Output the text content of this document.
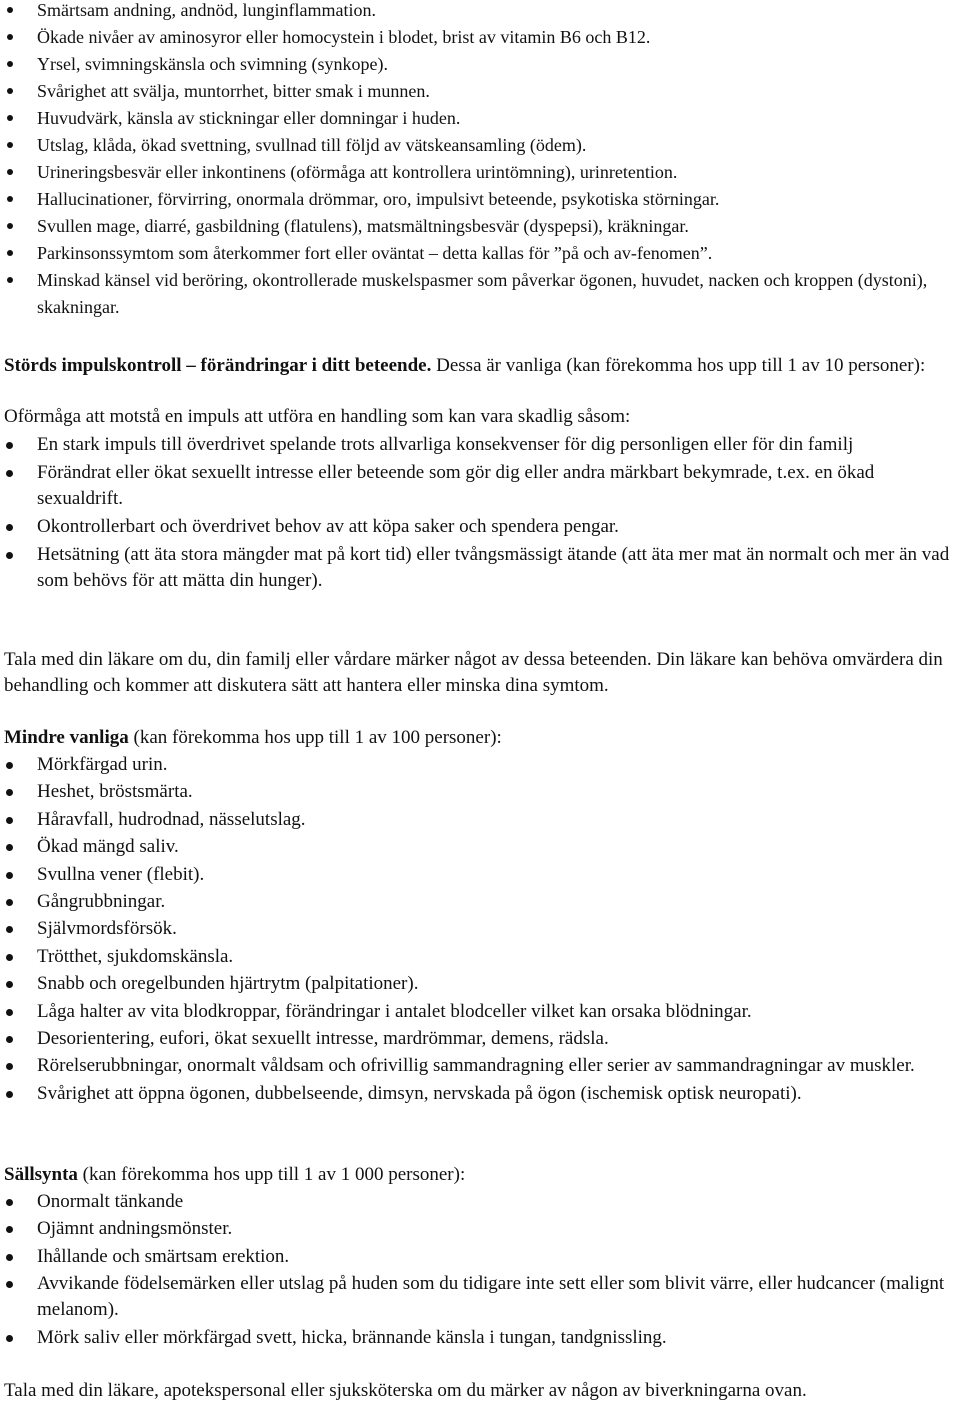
Smärtsam andning, andnöd, lunginflammation.
Ökade nivåer av aminosyror eller homocystein i blodet, brist av vitamin B6 och B12.
Yrsel, svimningskänsla och svimning (synkope).
Svårighet att svälja, muntorrhet, bitter smak i munnen.
Huvudvärk, känsla av stickningar eller domningar i huden.
Utslag, klåda, ökad svettning, svullnad till följd av vätskeansamling (ödem).
Urineringsbesvär eller inkontinens (oförmåga att kontrollera urintömning), urinretention.
Hallucinationer, förvirring, onormala drömmar, oro, impulsivt beteende, psykotiska störningar.
Svullen mage, diarré, gasbildning (flatulens), matsmältningsbesvär (dyspepsi), kräkningar.
Parkinsonssymtom som återkommer fort eller oväntat – detta kallas för ”på och av-fenomen”.
Minskad känsel vid beröring, okontrollerade muskelspasmer som påverkar ögonen, huvudet, nacken och kroppen (dystoni), skakningar.
Störds impulskontroll – förändringar i ditt beteende. Dessa är vanliga (kan förekomma hos upp till 1 av 10 personer):
Oförmåga att motstå en impuls att utföra en handling som kan vara skadlig såsom:
En stark impuls till överdrivet spelande trots allvarliga konsekvenser för dig personligen eller för din familj
Förändrat eller ökat sexuellt intresse eller beteende som gör dig eller andra märkbart bekymrade, t.ex. en ökad sexualdrift.
Okontrollerbart och överdrivet behov av att köpa saker och spendera pengar.
Hetsätning (att äta stora mängder mat på kort tid) eller tvångsmässigt ätande (att äta mer mat än normalt och mer än vad som behövs för att mätta din hunger).
Tala med din läkare om du, din familj eller vårdare märker något av dessa beteenden. Din läkare kan behöva omvärdera din behandling och kommer att diskutera sätt att hantera eller minska dina symtom.
Mindre vanliga (kan förekomma hos upp till 1 av 100 personer):
Mörkfärgad urin.
Heshet, bröstsmärta.
Håravfall, hudrodnad, nässelutslag.
Ökad mängd saliv.
Svullna vener (flebit).
Gångrubbningar.
Självmordsförsök.
Trötthet, sjukdomskänsla.
Snabb och oregelbunden hjärtrytm (palpitationer).
Låga halter av vita blodkroppar, förändringar i antalet blodceller vilket kan orsaka blödningar.
Desorientering, eufori, ökat sexuellt intresse, mardrömmar, demens, rädsla.
Rörelserubbningar, onormalt våldsam och ofrivillig sammandragning eller serier av sammandragningar av muskler.
Svårighet att öppna ögonen, dubbelseende, dimsyn, nervskada på ögon (ischemisk optisk neuropati).
Sällsynta (kan förekomma hos upp till 1 av 1 000 personer):
Onormalt tänkande
Ojämnt andningsmönster.
Ihållande och smärtsam erektion.
Avvikande födelsemärken eller utslag på huden som du tidigare inte sett eller som blivit värre, eller hudcancer (malignt melanom).
Mörk saliv eller mörkfärgad svett, hicka, brännande känsla i tungan, tandgnissling.
Tala med din läkare, apotekspersonal eller sjuksköterska om du märker av någon av biverkningarna ovan.
